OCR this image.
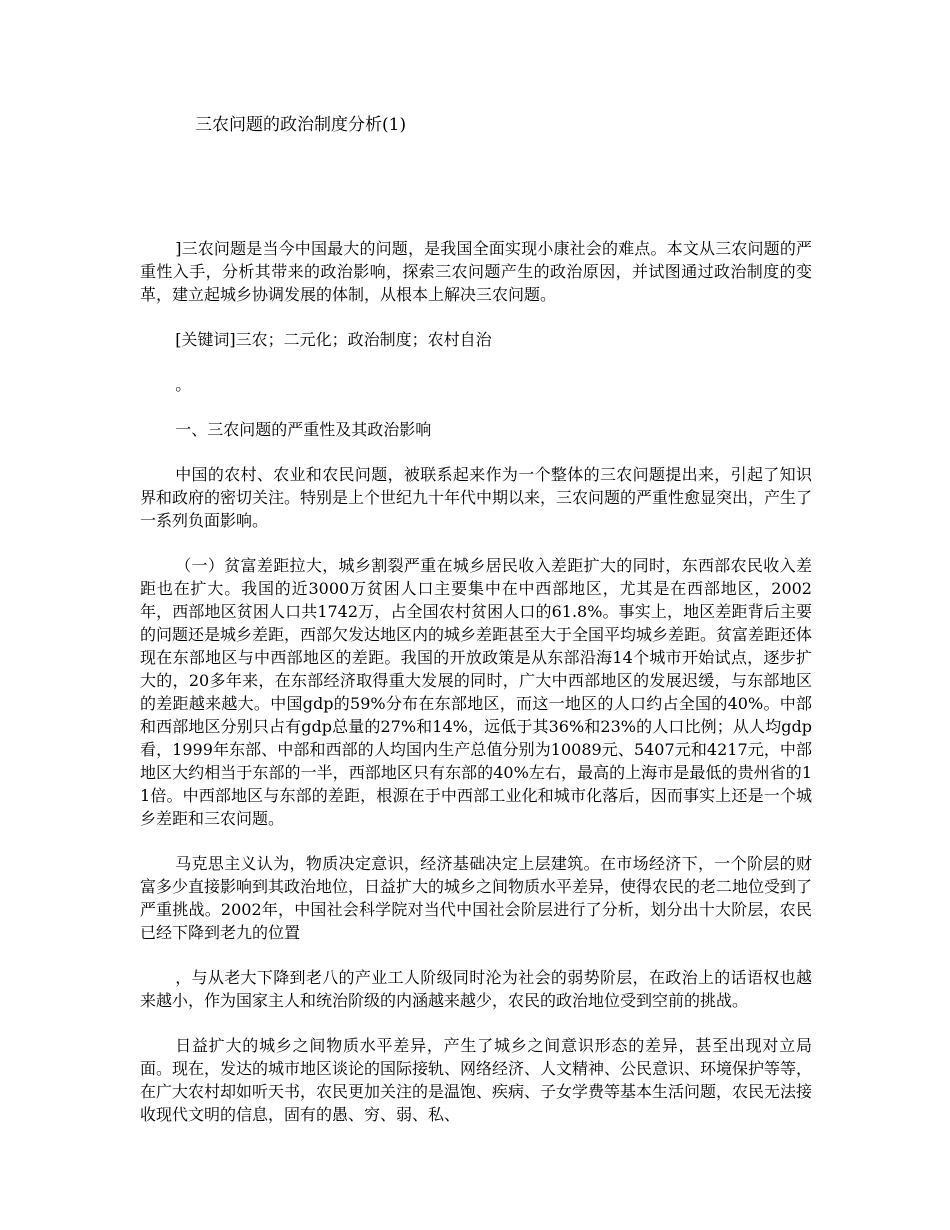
三农问题的政治制度分析(1)

]三农问题是当今中国最大的问题，是我国全面实现小康社会的难点。本文从三农问题的严重性入手，分析其带来的政治影响，探索三农问题产生的政治原因，并试图通过政治制度的变革，建立起城乡协调发展的体制，从根本上解决三农问题。

[关键词]三农；二元化；政治制度；农村自治

。

一、三农问题的严重性及其政治影响

中国的农村、农业和农民问题，被联系起来作为一个整体的三农问题提出来，引起了知识界和政府的密切关注。特别是上个世纪九十年代中期以来，三农问题的严重性愈显突出，产生了一系列负面影响。

（一）贫富差距拉大，城乡割裂严重在城乡居民收入差距扩大的同时，东西部农民收入差距也在扩大。我国的近3000万贫困人口主要集中在中西部地区，尤其是在西部地区，2002年，西部地区贫困人口共1742万，占全国农村贫困人口的61.8%。事实上，地区差距背后主要的问题还是城乡差距，西部欠发达地区内的城乡差距甚至大于全国平均城乡差距。贫富差距还体现在东部地区与中西部地区的差距。我国的开放政策是从东部沿海14个城市开始试点，逐步扩大的，20多年来，在东部经济取得重大发展的同时，广大中西部地区的发展迟缓，与东部地区的差距越来越大。中国gdp的59%分布在东部地区，而这一地区的人口约占全国的40%。中部和西部地区分别只占有gdp总量的27%和14%，远低于其36%和23%的人口比例；从人均gdp看，1999年东部、中部和西部的人均国内生产总值分别为10089元、5407元和4217元，中部地区大约相当于东部的一半，西部地区只有东部的40%左右，最高的上海市是最低的贵州省的11倍。中西部地区与东部的差距，根源在于中西部工业化和城市化落后，因而事实上还是一个城乡差距和三农问题。

马克思主义认为，物质决定意识，经济基础决定上层建筑。在市场经济下，一个阶层的财富多少直接影响到其政治地位，日益扩大的城乡之间物质水平差异，使得农民的老二地位受到了严重挑战。2002年，中国社会科学院对当代中国社会阶层进行了分析，划分出十大阶层，农民已经下降到老九的位置

，与从老大下降到老八的产业工人阶级同时沦为社会的弱势阶层，在政治上的话语权也越来越小，作为国家主人和统治阶级的内涵越来越少，农民的政治地位受到空前的挑战。

日益扩大的城乡之间物质水平差异，产生了城乡之间意识形态的差异，甚至出现对立局面。现在，发达的城市地区谈论的国际接轨、网络经济、人文精神、公民意识、环境保护等等，在广大农村却如听天书，农民更加关注的是温饱、疾病、子女学费等基本生活问题，农民无法接收现代文明的信息，固有的愚、穷、弱、私、
